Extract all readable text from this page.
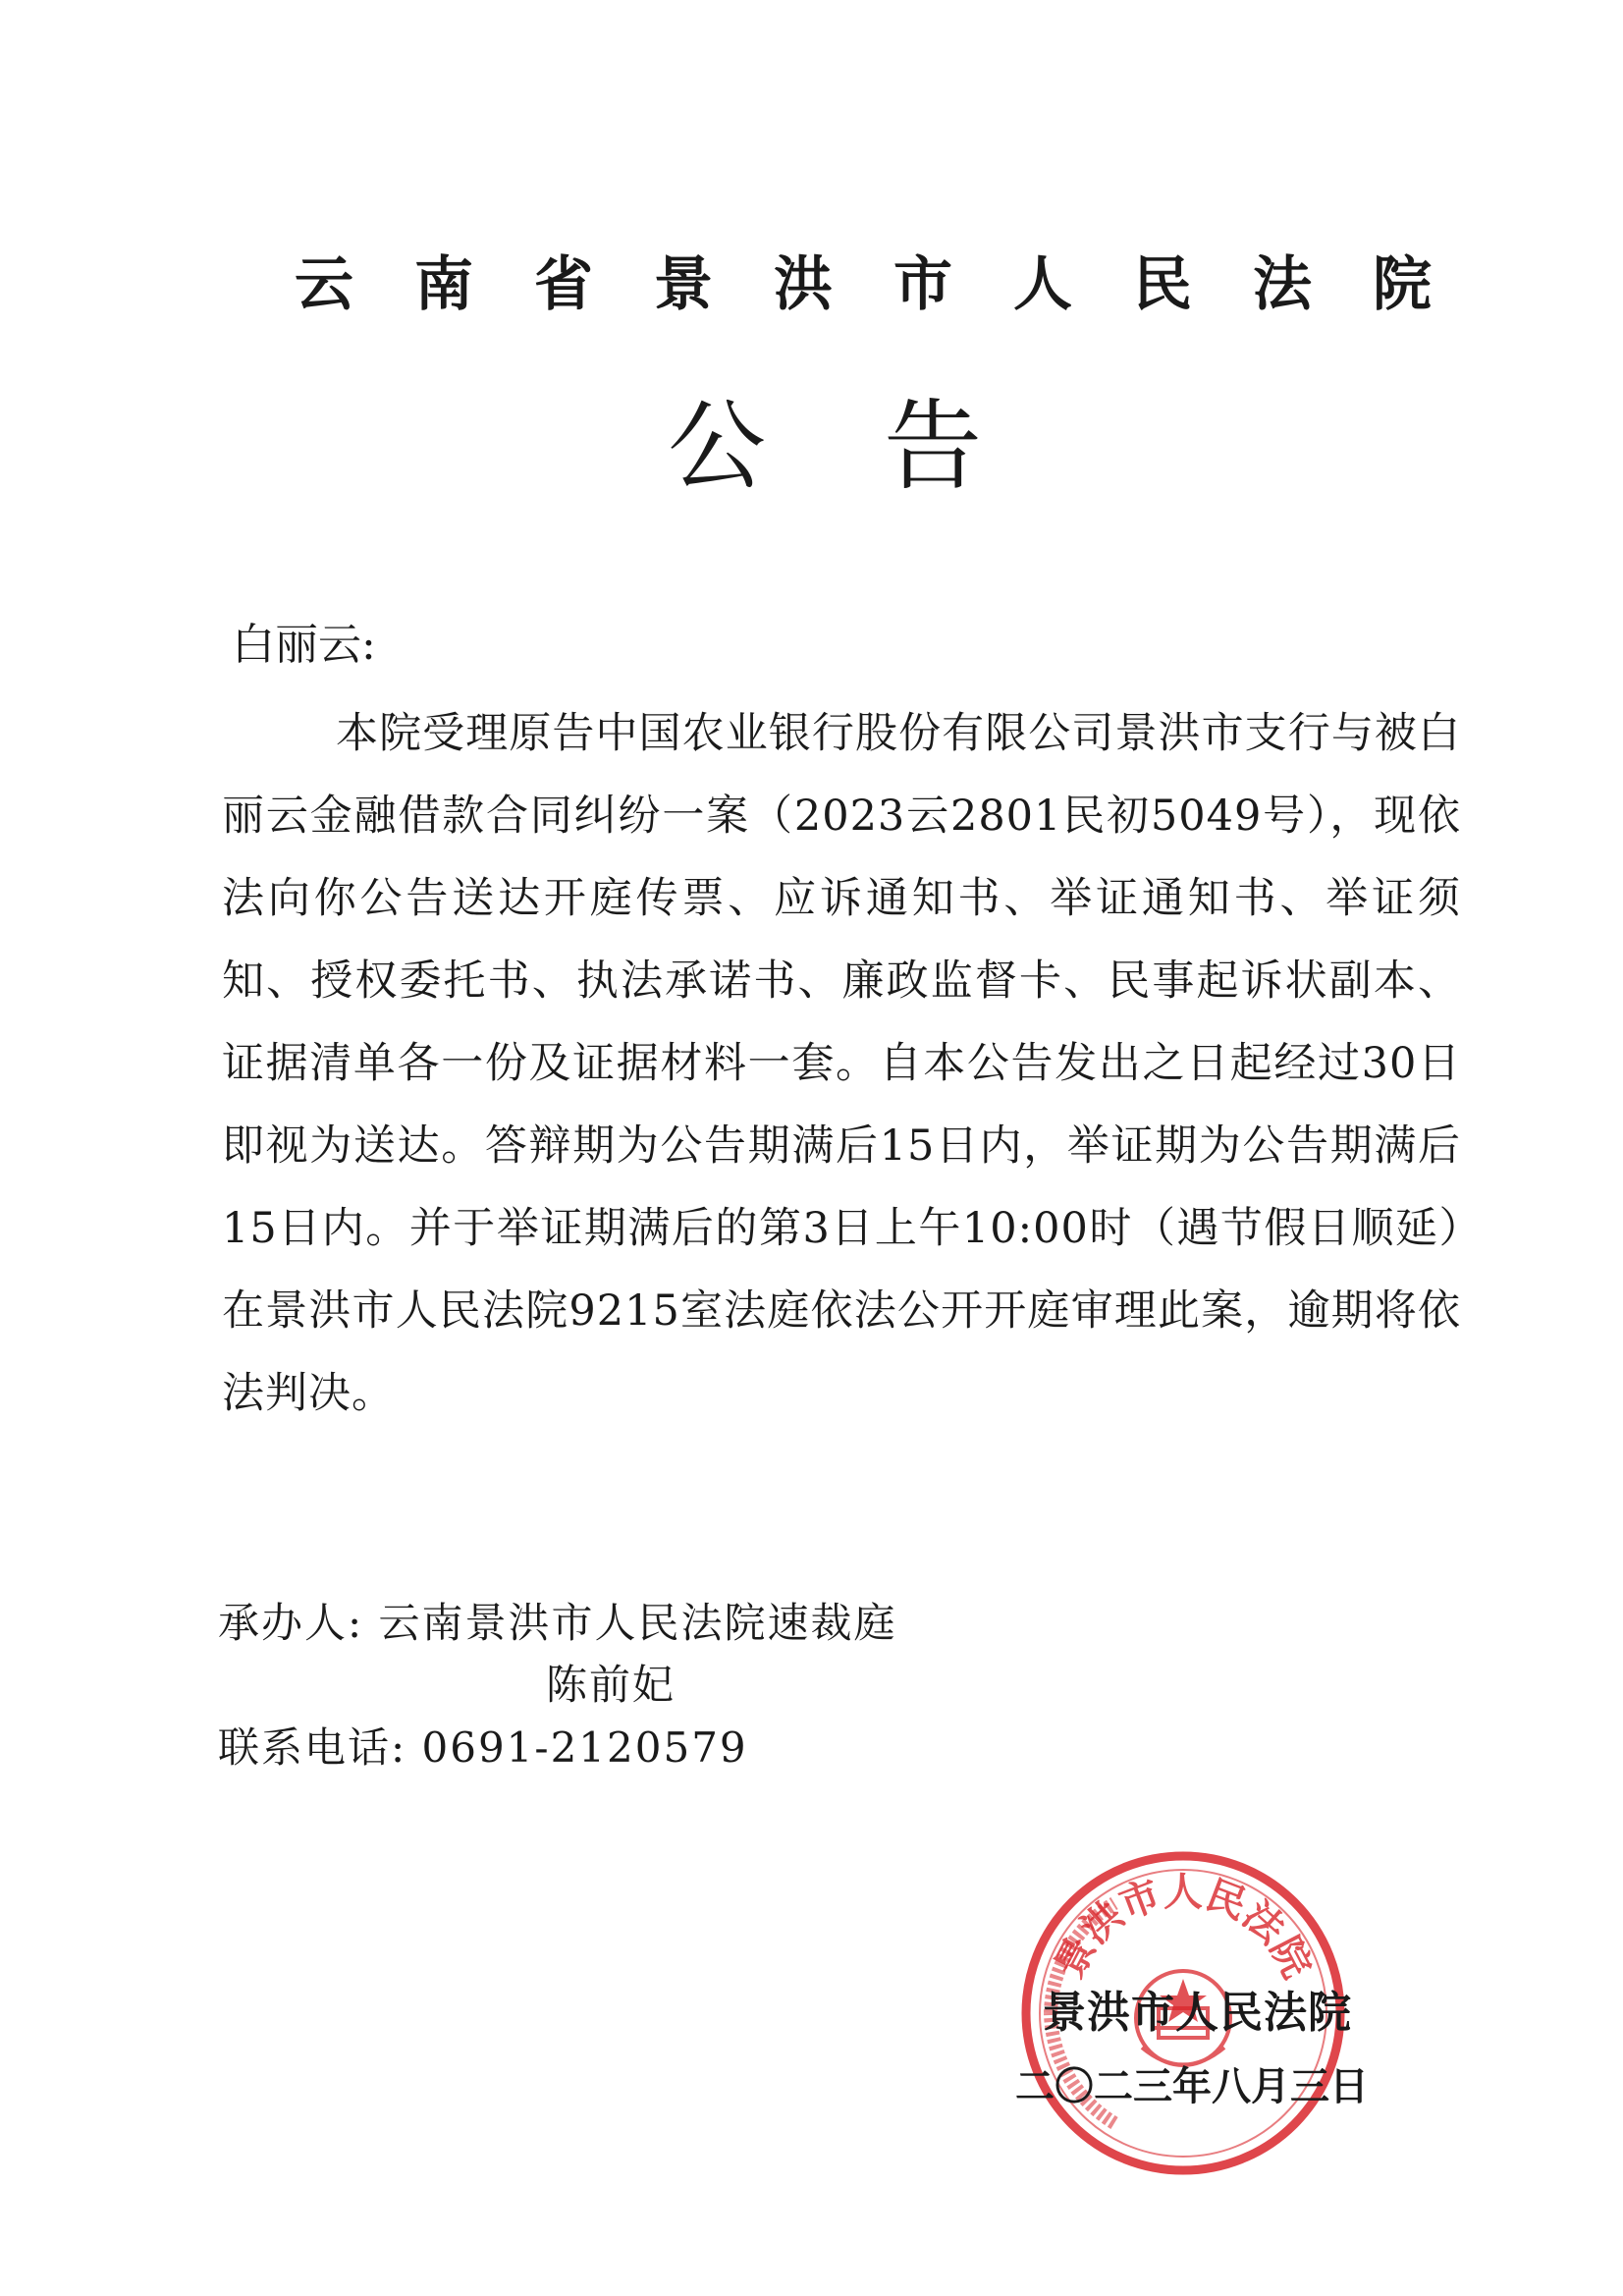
云南省景洪市人民法院
公告
白丽云:
本院受理原告中国农业银行股份有限公司景洪市支行与被白丽云金融借款合同纠纷一案（2023云2801民初5049号），现依法向你公告送达开庭传票、应诉通知书、举证通知书、举证须知、授权委托书、执法承诺书、廉政监督卡、民事起诉状副本、证据清单各一份及证据材料一套。自本公告发出之日起经过30日即视为送达。答辩期为公告期满后15日内，举证期为公告期满后15日内。并于举证期满后的第3日上午10:00时（遇节假日顺延）在景洪市人民法院9215室法庭依法公开开庭审理此案，逾期将依法判决。
承办人: 云南景洪市人民法院速裁庭
陈前妃
联系电话: 0691-2120579
景洪市人民法院
景洪市人民法院
二〇二三年八月三日
